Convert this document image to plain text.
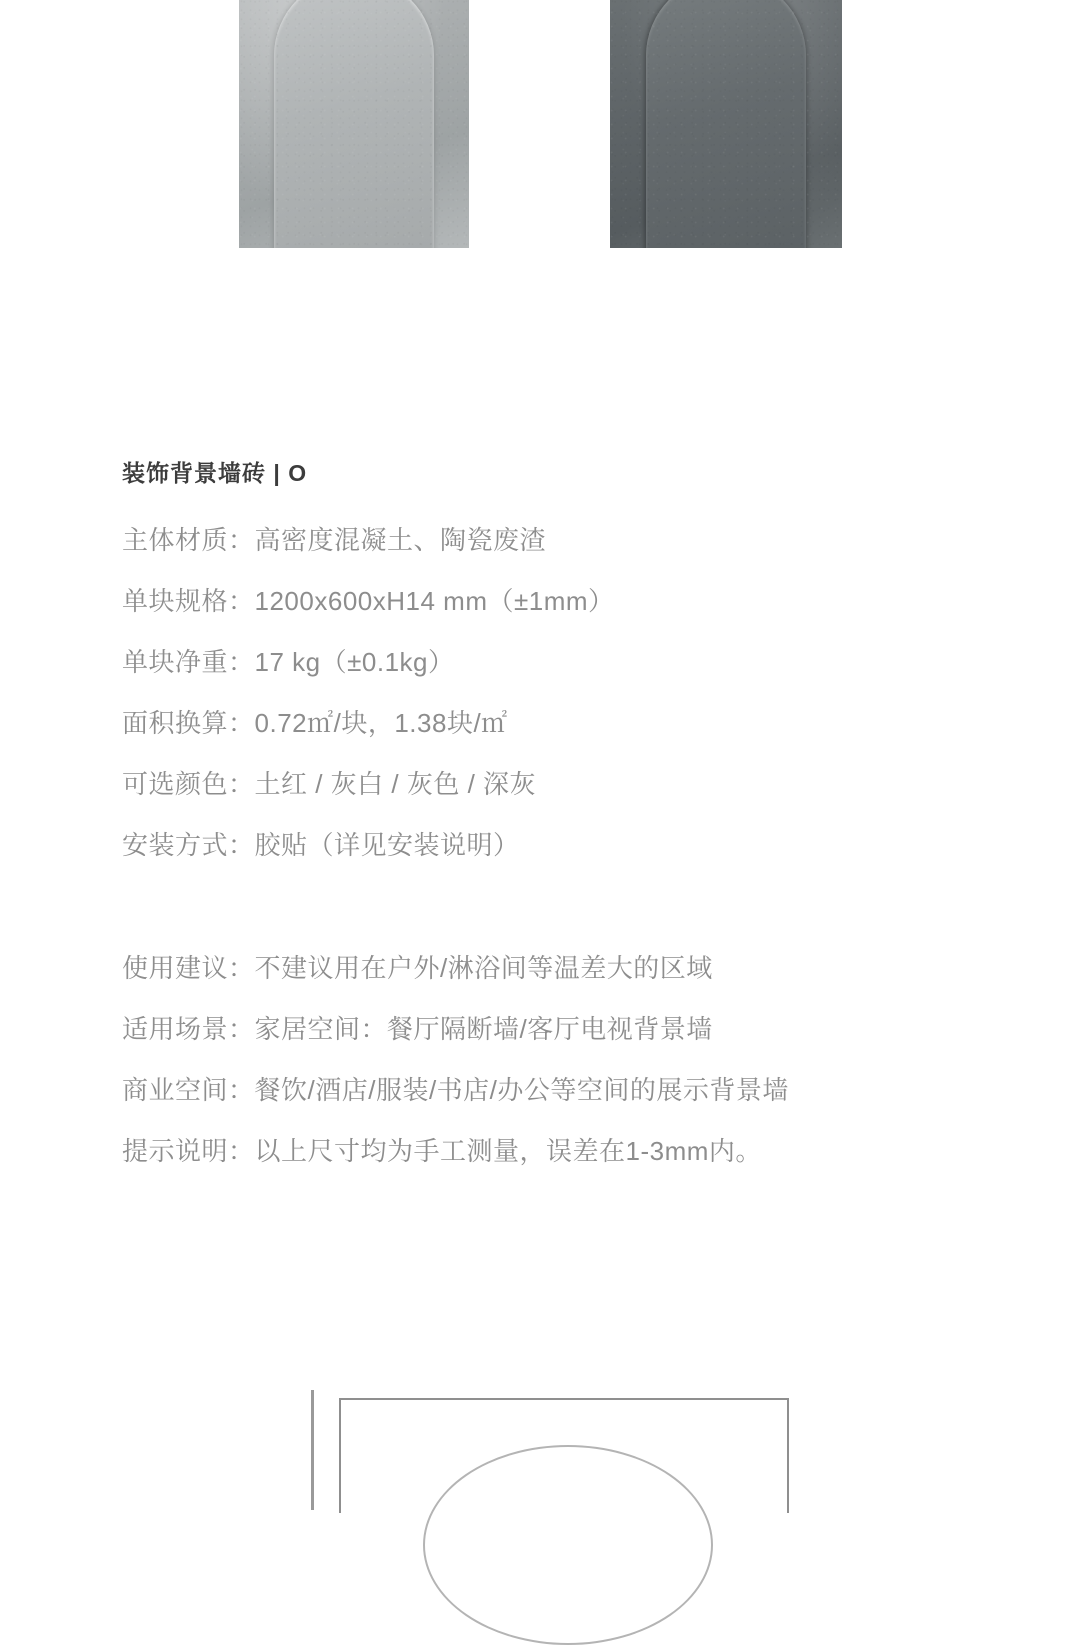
装饰背景墙砖 | O
主体材质：高密度混凝土、陶瓷废渣
单块规格：1200x600xH14 mm（±1mm）
单块净重：17 kg（±0.1kg）
面积换算：0.72㎡/块，1.38块/㎡
可选颜色：土红 / 灰白 / 灰色 / 深灰
安装方式：胶贴（详见安装说明）
使用建议：不建议用在户外/淋浴间等温差大的区域
适用场景：家居空间：餐厅隔断墙/客厅电视背景墙
商业空间：餐饮/酒店/服装/书店/办公等空间的展示背景墙
提示说明：以上尺寸均为手工测量，误差在1-3mm内。
